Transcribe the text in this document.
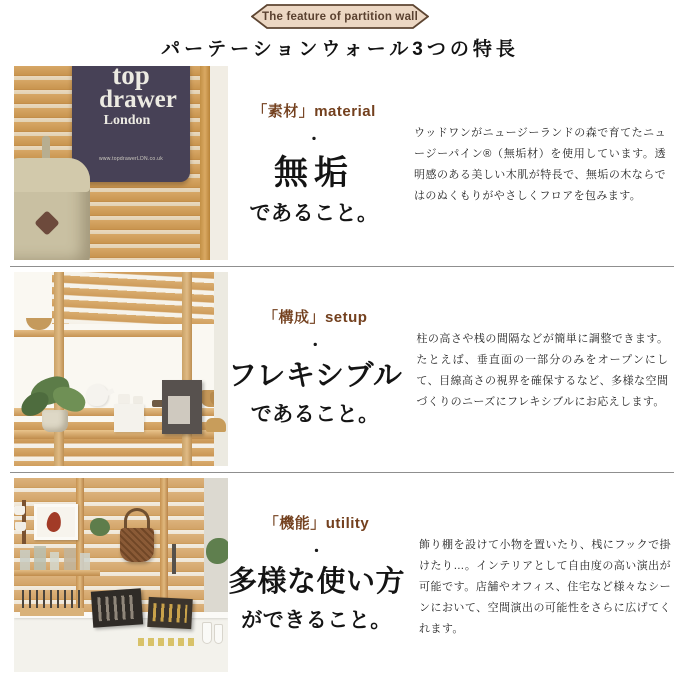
The feature of partition wall
パーテーションウォール3つの特長
top
drawer
London
www.topdrawerLDN.co.uk
「素材」material
・
無垢
であること。

ウッドワンがニュージーランドの森で育てたニュージーパイン®（無垢材）を使用しています。透明感のある美しい木肌が特長で、無垢の木ならではのぬくもりがやさしくフロアを包みます。

「構成」setup
・
フレキシブル
であること。

柱の高さや桟の間隔などが簡単に調整できます。たとえば、垂直面の一部分のみをオープンにして、目線高さの視界を確保するなど、多様な空間づくりのニーズにフレキシブルにお応えします。

「機能」utility
・
多様な使い方
ができること。

飾り棚を設けて小物を置いたり、桟にフックで掛けたり…。インテリアとして自由度の高い演出が可能です。店舗やオフィス、住宅など様々なシーンにおいて、空間演出の可能性をさらに広げてくれます。
